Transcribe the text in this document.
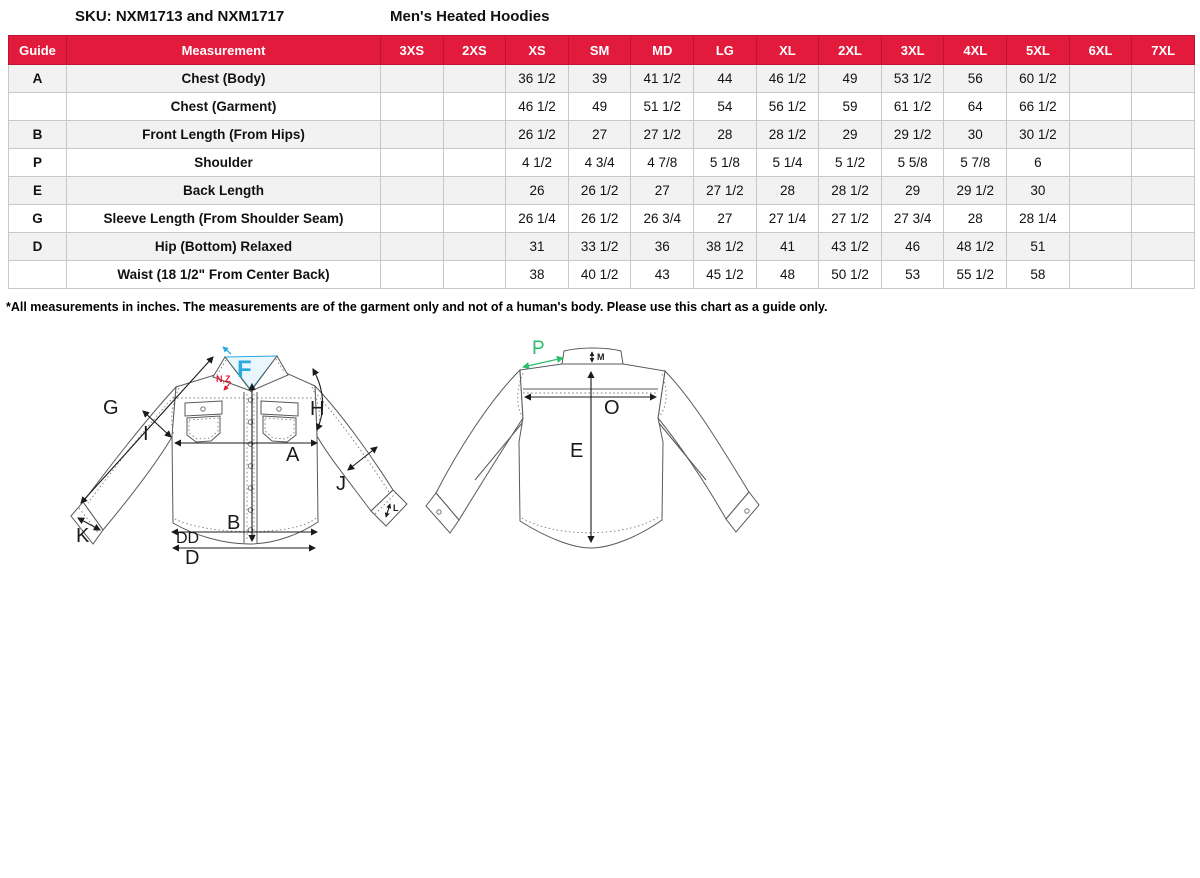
SKU: NXM1713 and NXM1717	Men's Heated Hoodies
Guide	Measurement	3XS	2XS	XS	SM	MD	LG	XL	2XL	3XL	4XL	5XL	6XL	7XL
A	Chest (Body)			36 1/2	39	41 1/2	44	46 1/2	49	53 1/2	56	60 1/2		
	Chest (Garment)			46 1/2	49	51 1/2	54	56 1/2	59	61 1/2	64	66 1/2		
B	Front Length (From Hips)			26 1/2	27	27 1/2	28	28 1/2	29	29 1/2	30	30 1/2		
P	Shoulder			4 1/2	4 3/4	4 7/8	5 1/8	5 1/4	5 1/2	5 5/8	5 7/8	6		
E	Back Length			26	26 1/2	27	27 1/2	28	28 1/2	29	29 1/2	30		
G	Sleeve Length (From Shoulder Seam)			26 1/4	26 1/2	26 3/4	27	27 1/4	27 1/2	27 3/4	28	28 1/4		
D	Hip (Bottom) Relaxed			31	33 1/2	36	38 1/2	41	43 1/2	46	48 1/2	51		
	Waist (18 1/2" From Center Back)			38	40 1/2	43	45 1/2	48	50 1/2	53	55 1/2	58		
*All measurements in inches. The measurements are of the garment only and not of a human's body. Please use this chart as a guide only.
F
N,Z
G
I
H
A
J
B
K
L
DD
D
P	M
O
E
